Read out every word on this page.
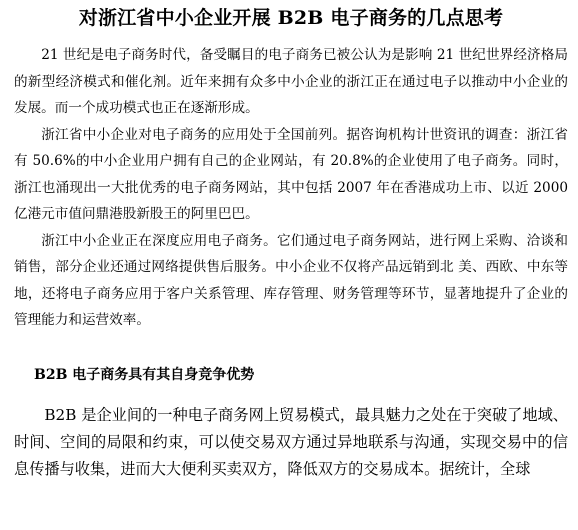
对浙江省中小企业开展 B2B 电子商务的几点思考

21 世纪是电子商务时代，备受瞩目的电子商务已被公认为是影响 21 世纪世界经济格局的新型经济模式和催化剂。近年来拥有众多中小企业的浙江正在通过电子以推动中小企业的发展。而一个成功模式也正在逐渐形成。

浙江省中小企业对电子商务的应用处于全国前列。据咨询机构计世资讯的调查：浙江省有 50.6%的中小企业用户拥有自己的企业网站，有 20.8%的企业使用了电子商务。同时，浙江也涌现出一大批优秀的电子商务网站，其中包括 2007 年在香港成功上市、以近 2000 亿港元市值问鼎港股新股王的阿里巴巴。

浙江中小企业正在深度应用电子商务。它们通过电子商务网站，进行网上采购、洽谈和销售，部分企业还通过网络提供售后服务。中小企业不仅将产品远销到北 美、西欧、中东等地，还将电子商务应用于客户关系管理、库存管理、财务管理等环节，显著地提升了企业的管理能力和运营效率。

B2B 电子商务具有其自身竞争优势

B2B 是企业间的一种电子商务网上贸易模式，最具魅力之处在于突破了地域、时间、空间的局限和约束，可以使交易双方通过异地联系与沟通，实现交易中的信息传播与收集，进而大大便利买卖双方，降低双方的交易成本。据统计，全球
